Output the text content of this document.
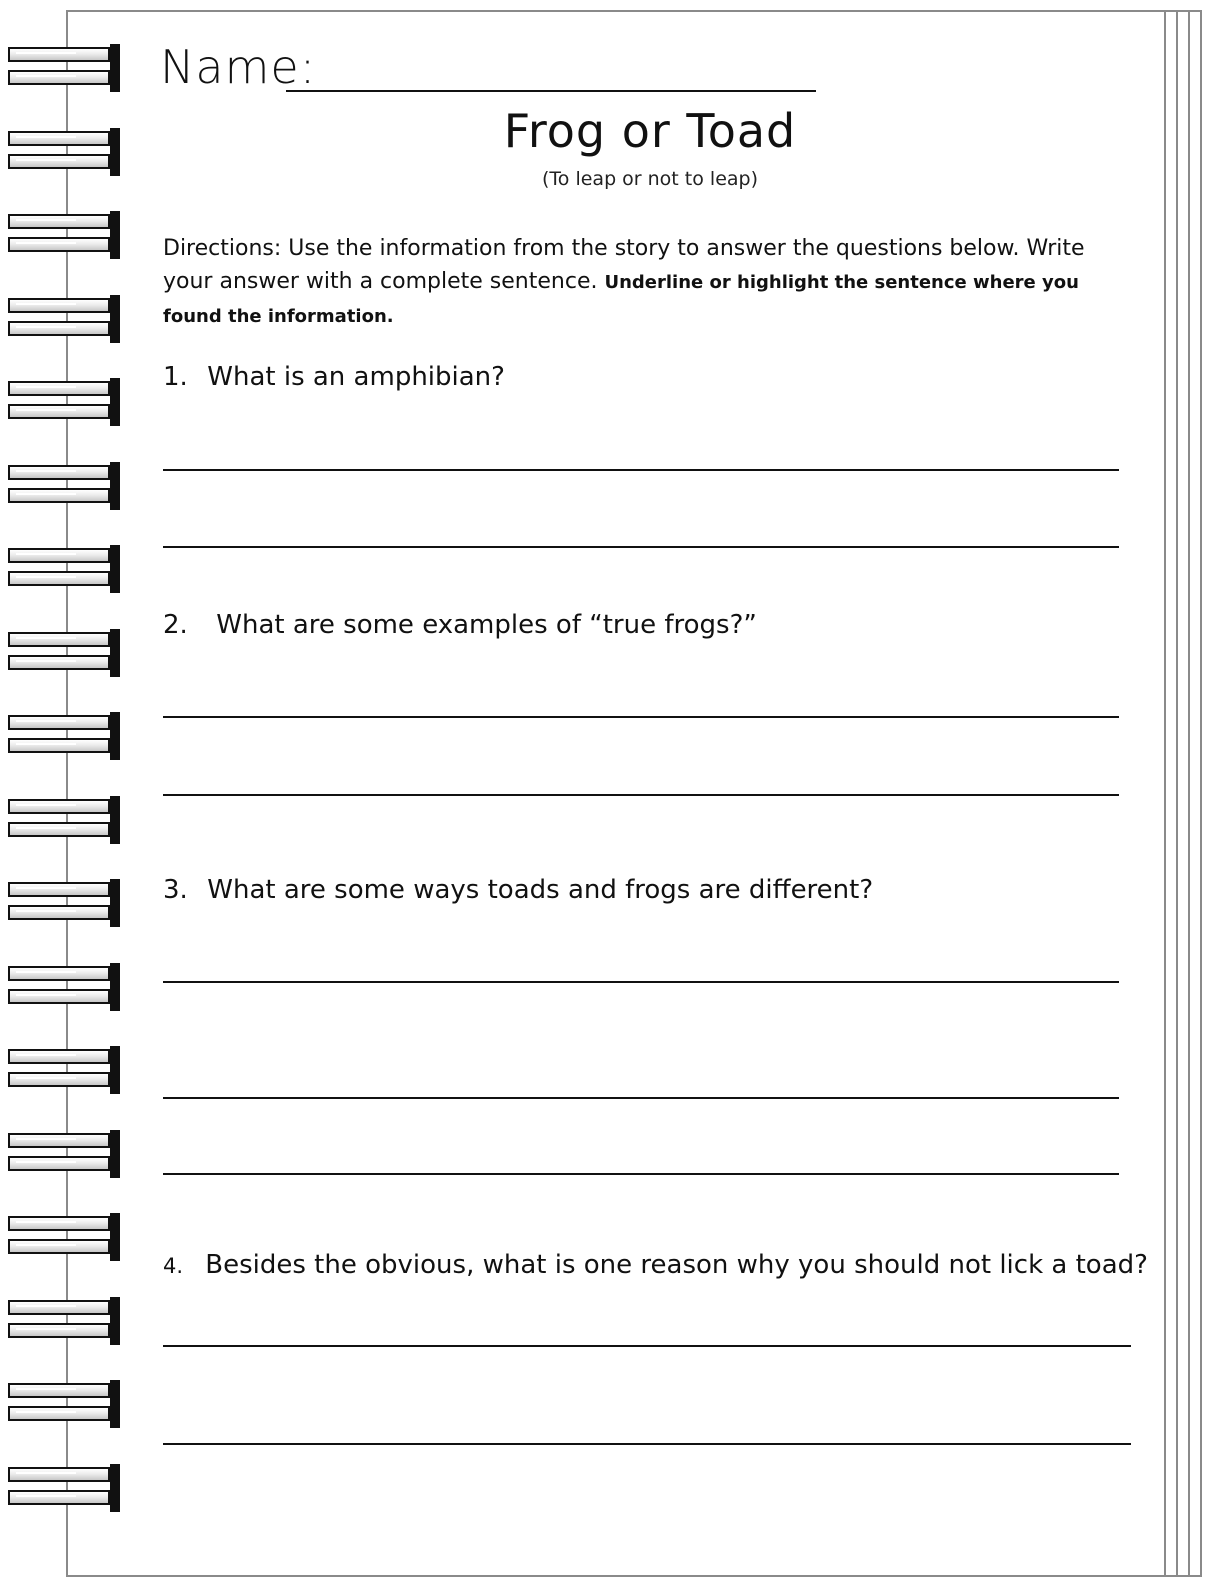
Name:
Frog or Toad
(To leap or not to leap)
Directions: Use the information from the story to answer the questions below. Write your answer with a complete sentence. Underline or highlight the sentence where you found the information.
1. What is an amphibian?
2. What are some examples of “true frogs?”
3. What are some ways toads and frogs are different?
4. Besides the obvious, what is one reason why you should not lick a toad?
